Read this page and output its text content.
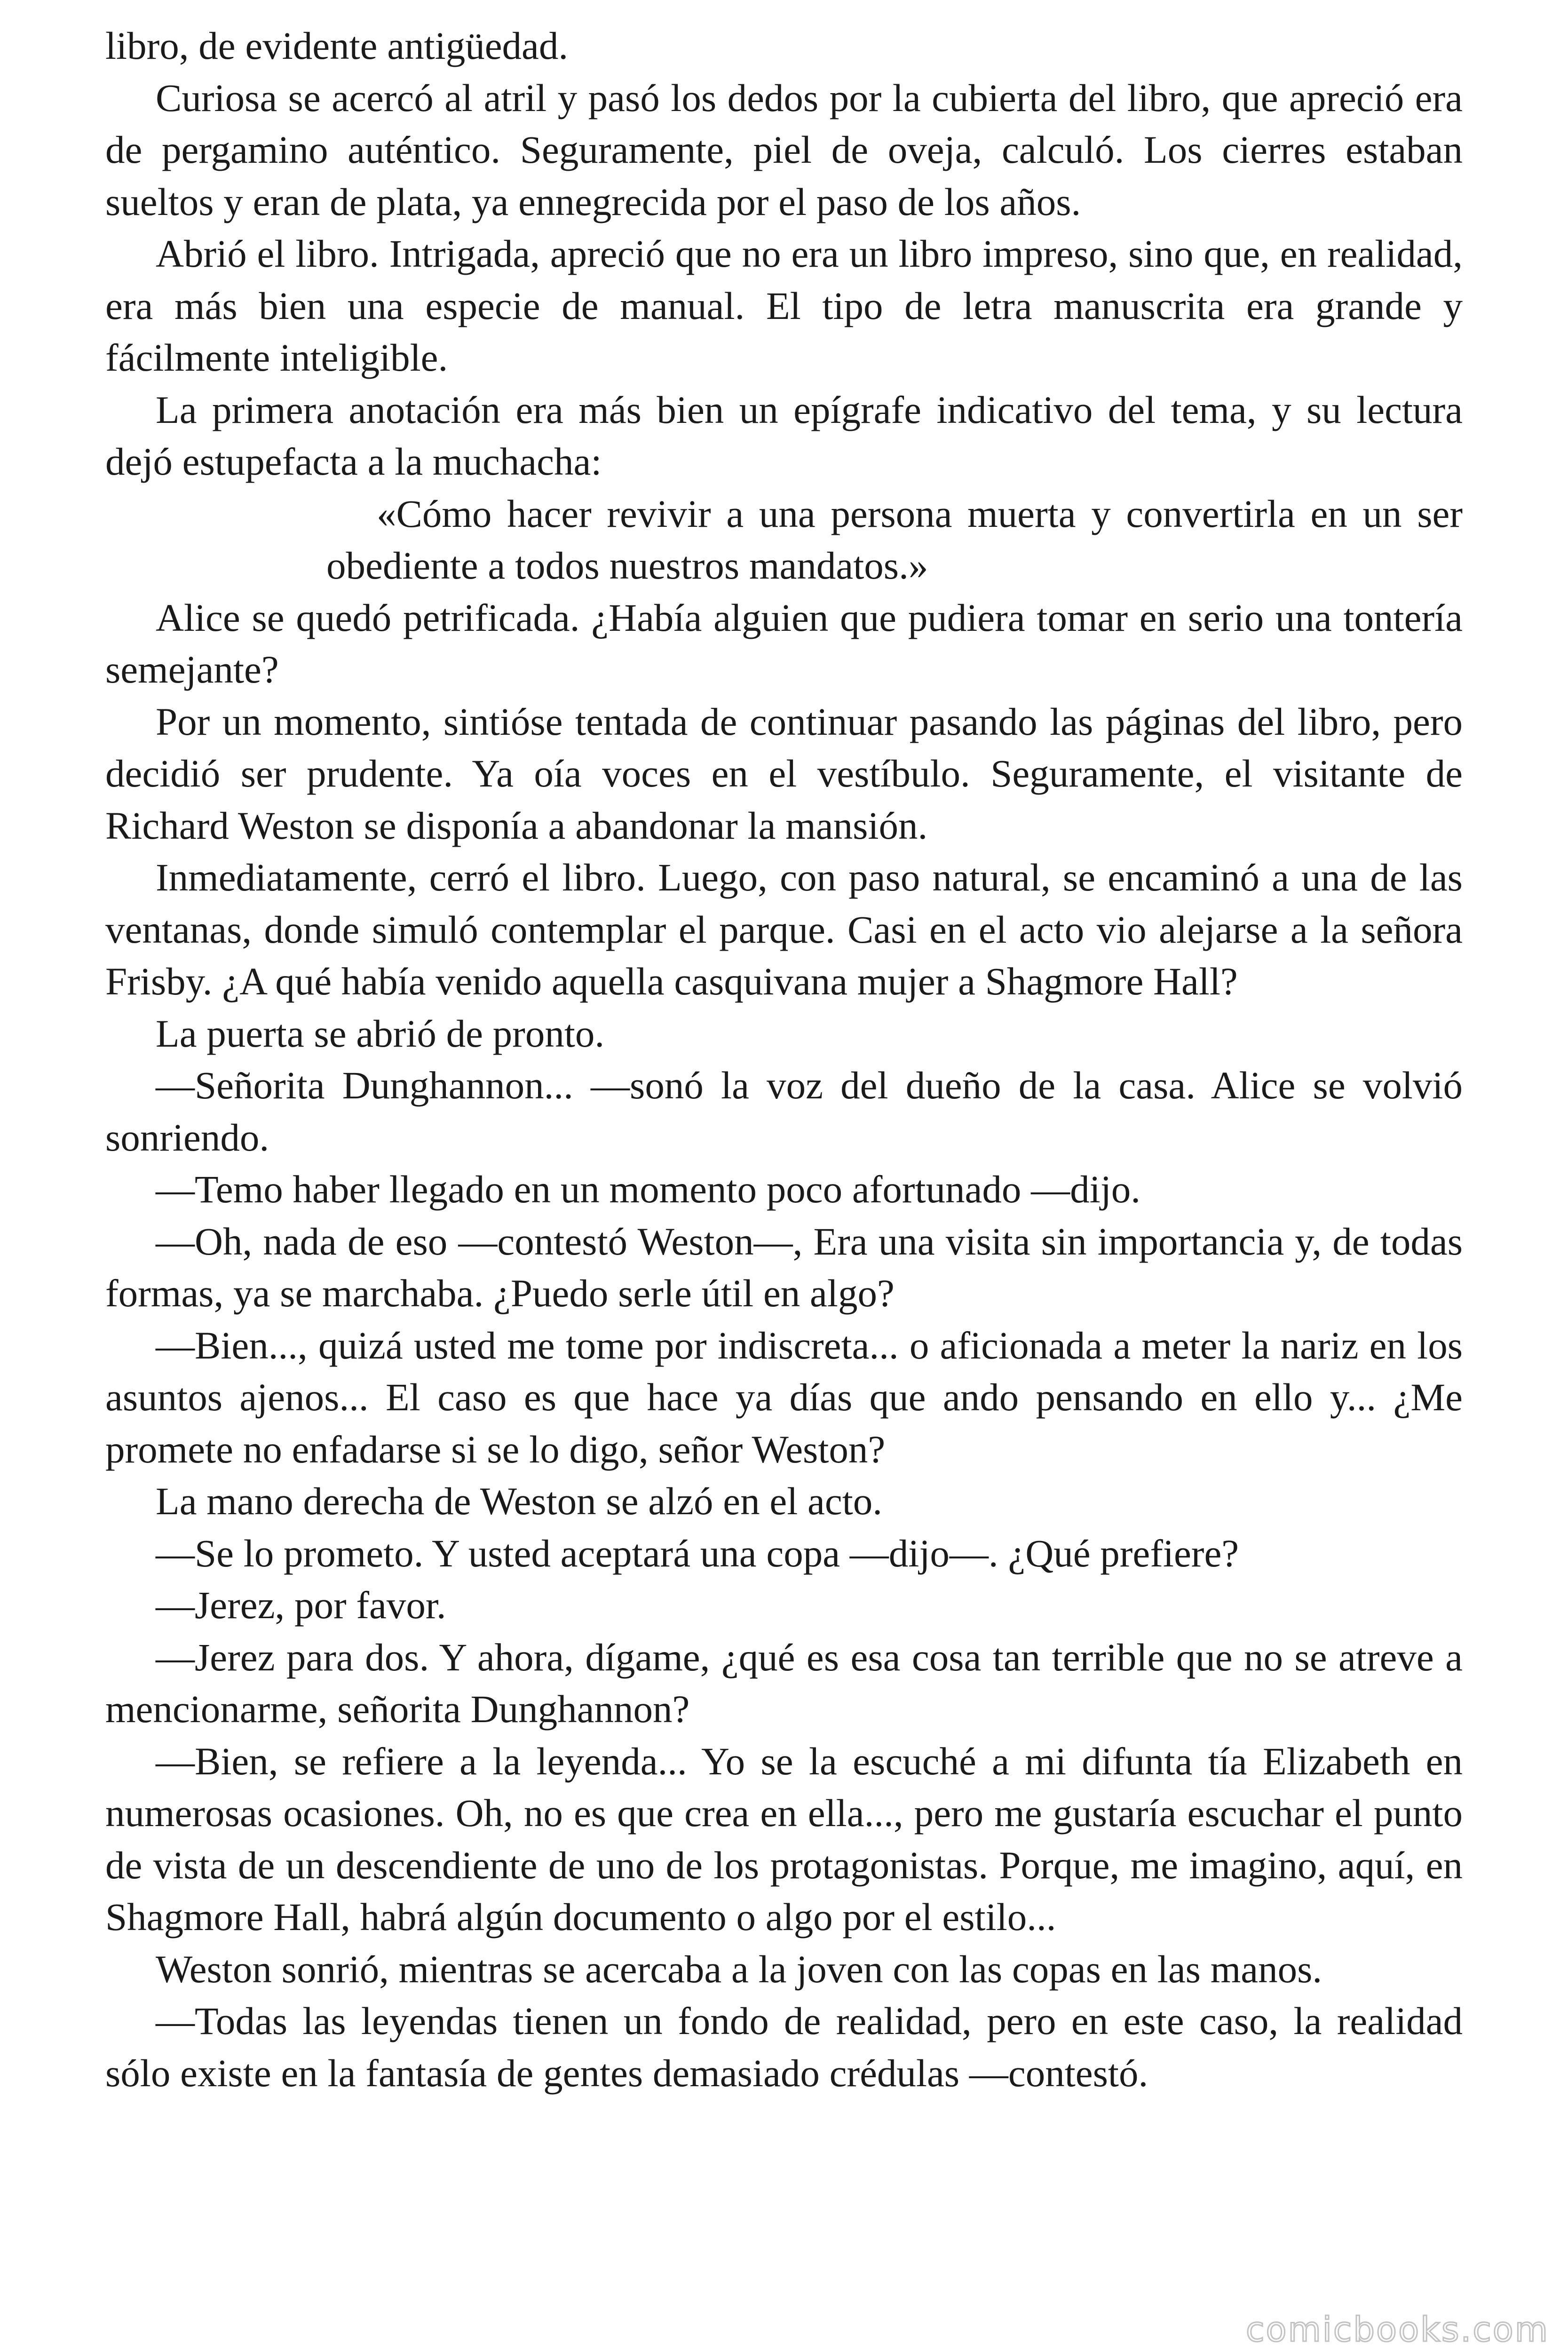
libro, de evidente antigüedad.

Curiosa se acercó al atril y pasó los dedos por la cubierta del libro, que apreció era de pergamino auténtico. Seguramente, piel de oveja, calculó. Los cierres estaban sueltos y eran de plata, ya ennegrecida por el paso de los años.

Abrió el libro. Intrigada, apreció que no era un libro impreso, sino que, en realidad, era más bien una especie de manual. El tipo de letra manuscrita era grande y fácilmente inteligible.

La primera anotación era más bien un epígrafe indicativo del tema, y su lectura dejó estupefacta a la muchacha:

«Cómo hacer revivir a una persona muerta y convertirla en un ser obediente a todos nuestros mandatos.»

Alice se quedó petrificada. ¿Había alguien que pudiera tomar en serio una tontería semejante?

Por un momento, sintióse tentada de continuar pasando las páginas del libro, pero decidió ser prudente. Ya oía voces en el vestíbulo. Seguramente, el visitante de Richard Weston se disponía a abandonar la mansión.

Inmediatamente, cerró el libro. Luego, con paso natural, se encaminó a una de las ventanas, donde simuló contemplar el parque. Casi en el acto vio alejarse a la señora Frisby. ¿A qué había venido aquella casquivana mujer a Shagmore Hall?

La puerta se abrió de pronto.

—Señorita Dunghannon... —sonó la voz del dueño de la casa. Alice se volvió sonriendo.

—Temo haber llegado en un momento poco afortunado —dijo.

—Oh, nada de eso —contestó Weston—, Era una visita sin importancia y, de todas formas, ya se marchaba. ¿Puedo serle útil en algo?

—Bien..., quizá usted me tome por indiscreta... o aficionada a meter la nariz en los asuntos ajenos... El caso es que hace ya días que ando pensando en ello y... ¿Me promete no enfadarse si se lo digo, señor Weston?

La mano derecha de Weston se alzó en el acto.

—Se lo prometo. Y usted aceptará una copa —dijo—. ¿Qué prefiere?

—Jerez, por favor.

—Jerez para dos. Y ahora, dígame, ¿qué es esa cosa tan terrible que no se atreve a mencionarme, señorita Dunghannon?

—Bien, se refiere a la leyenda... Yo se la escuché a mi difunta tía Elizabeth en numerosas ocasiones. Oh, no es que crea en ella..., pero me gustaría escuchar el punto de vista de un descendiente de uno de los protagonistas. Porque, me imagino, aquí, en Shagmore Hall, habrá algún documento o algo por el estilo...

Weston sonrió, mientras se acercaba a la joven con las copas en las manos.

—Todas las leyendas tienen un fondo de realidad, pero en este caso, la realidad sólo existe en la fantasía de gentes demasiado crédulas —contestó.

comicbooks.com
